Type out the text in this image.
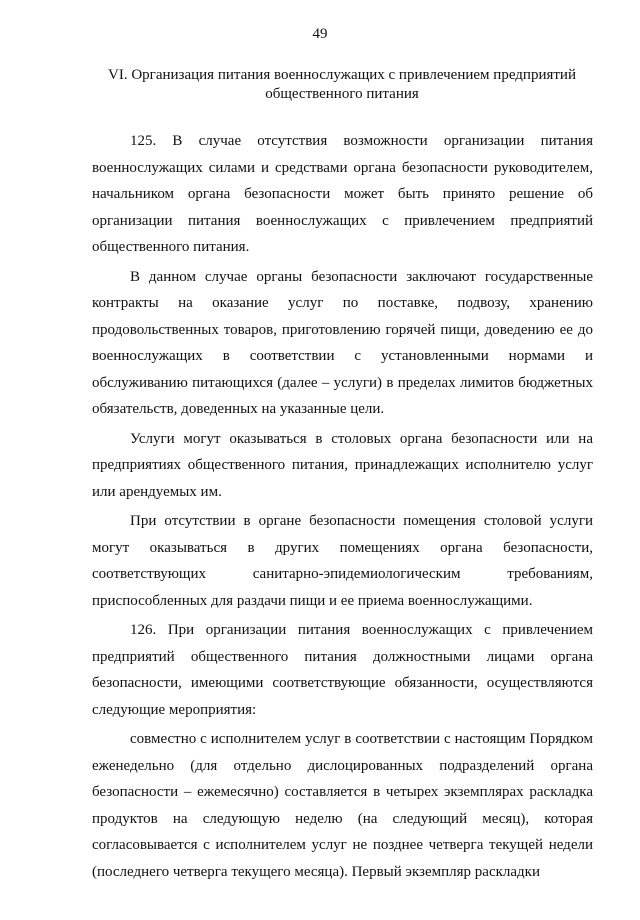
49
VI. Организация питания военнослужащих с привлечением предприятий общественного питания

125. В случае отсутствия возможности организации питания военнослужащих силами и средствами органа безопасности руководителем, начальником органа безопасности может быть принято решение об организации питания военнослужащих с привлечением предприятий общественного питания.

В данном случае органы безопасности заключают государственные контракты на оказание услуг по поставке, подвозу, хранению продовольственных товаров, приготовлению горячей пищи, доведению ее до военнослужащих в соответствии с установленными нормами и обслуживанию питающихся (далее – услуги) в пределах лимитов бюджетных обязательств, доведенных на указанные цели.

Услуги могут оказываться в столовых органа безопасности или на предприятиях общественного питания, принадлежащих исполнителю услуг или арендуемых им.

При отсутствии в органе безопасности помещения столовой услуги могут оказываться в других помещениях органа безопасности, соответствующих санитарно-эпидемиологическим требованиям, приспособленных для раздачи пищи и ее приема военнослужащими.

126. При организации питания военнослужащих с привлечением предприятий общественного питания должностными лицами органа безопасности, имеющими соответствующие обязанности, осуществляются следующие мероприятия:

совместно с исполнителем услуг в соответствии с настоящим Порядком еженедельно (для отдельно дислоцированных подразделений органа безопасности – ежемесячно) составляется в четырех экземплярах раскладка продуктов на следующую неделю (на следующий месяц), которая согласовывается с исполнителем услуг не позднее четверга текущей недели (последнего четверга текущего месяца). Первый экземпляр раскладки
